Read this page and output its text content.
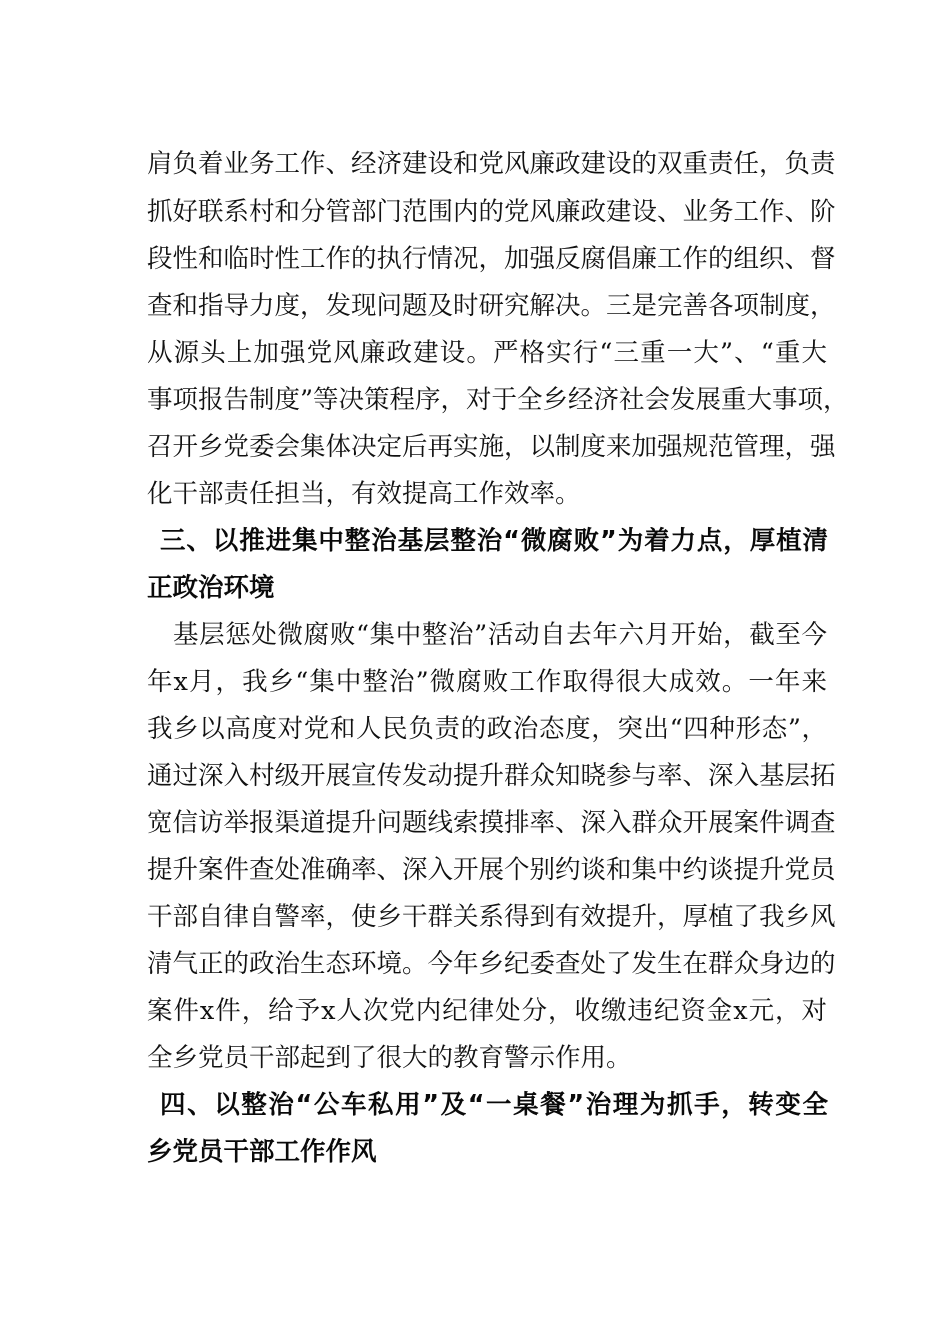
肩负着业务工作、经济建设和党风廉政建设的双重责任，负责
抓好联系村和分管部门范围内的党风廉政建设、业务工作、阶
段性和临时性工作的执行情况，加强反腐倡廉工作的组织、督
查和指导力度，发现问题及时研究解决。三是完善各项制度，
从源头上加强党风廉政建设。严格实行“三重一大”、“重大
事项报告制度”等决策程序，对于全乡经济社会发展重大事项，
召开乡党委会集体决定后再实施，以制度来加强规范管理，强
化干部责任担当，有效提高工作效率。
三、以推进集中整治基层整治“微腐败”为着力点，厚植清
正政治环境
基层惩处微腐败“集中整治”活动自去年六月开始，截至今
年x月，我乡“集中整治”微腐败工作取得很大成效。一年来
我乡以高度对党和人民负责的政治态度，突出“四种形态”，
通过深入村级开展宣传发动提升群众知晓参与率、深入基层拓
宽信访举报渠道提升问题线索摸排率、深入群众开展案件调查
提升案件查处准确率、深入开展个别约谈和集中约谈提升党员
干部自律自警率，使乡干群关系得到有效提升，厚植了我乡风
清气正的政治生态环境。今年乡纪委查处了发生在群众身边的
案件x件，给予x人次党内纪律处分，收缴违纪资金x元，对
全乡党员干部起到了很大的教育警示作用。
四、以整治“公车私用”及“一桌餐”治理为抓手，转变全
乡党员干部工作作风
